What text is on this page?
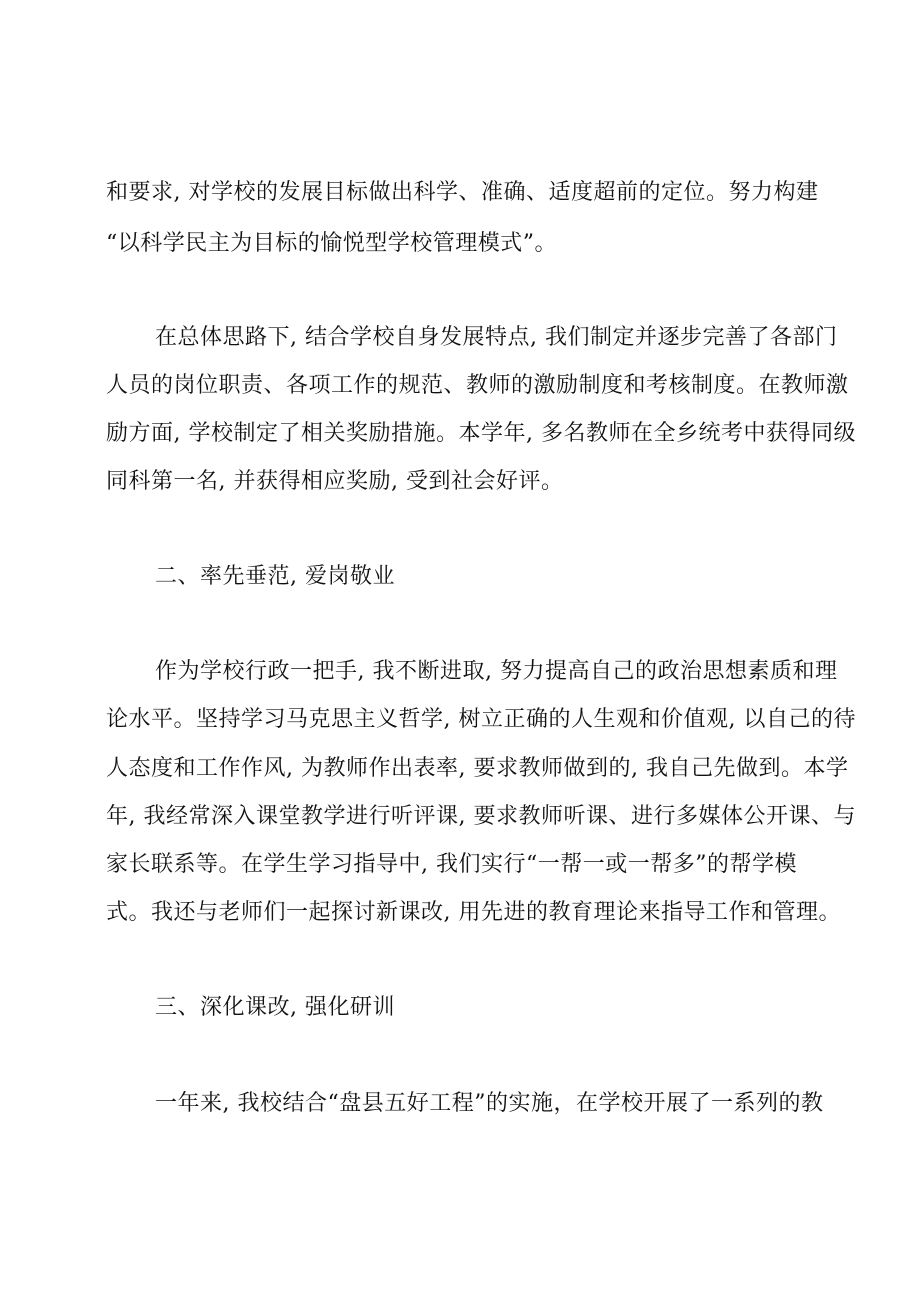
和要求, 对学校的发展目标做出科学、准确、适度超前的定位。努力构建
“以科学民主为目标的愉悦型学校管理模式”。
在总体思路下, 结合学校自身发展特点, 我们制定并逐步完善了各部门
人员的岗位职责、各项工作的规范、教师的激励制度和考核制度。在教师激
励方面, 学校制定了相关奖励措施。本学年, 多名教师在全乡统考中获得同级
同科第一名, 并获得相应奖励, 受到社会好评。
二、率先垂范, 爱岗敬业
作为学校行政一把手, 我不断进取, 努力提高自己的政治思想素质和理
论水平。坚持学习马克思主义哲学, 树立正确的人生观和价值观, 以自己的待
人态度和工作作风, 为教师作出表率, 要求教师做到的, 我自己先做到。本学
年, 我经常深入课堂教学进行听评课, 要求教师听课、进行多媒体公开课、与
家长联系等。在学生学习指导中, 我们实行“一帮一或一帮多”的帮学模
式。我还与老师们一起探讨新课改, 用先进的教育理论来指导工作和管理。
三、深化课改, 强化研训
一年来, 我校结合“盘县五好工程”的实施，在学校开展了一系列的教
